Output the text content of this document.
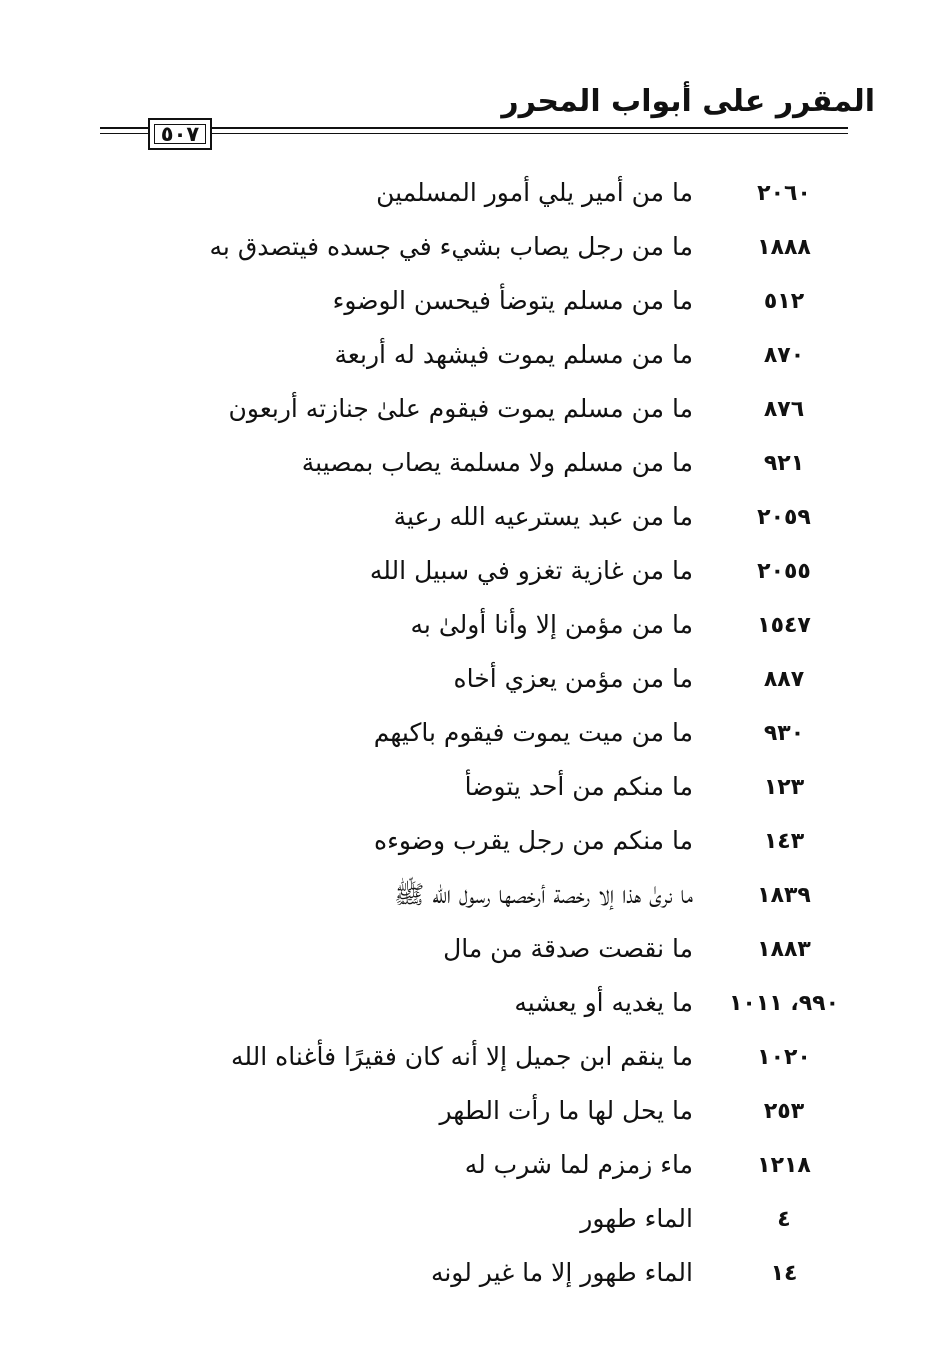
المقرر على أبواب المحرر
٥٠٧
٢٠٦٠
ما من أمير يلي أمور المسلمين
١٨٨٨
ما من رجل يصاب بشيء في جسده فيتصدق به
٥١٢
ما من مسلم يتوضأ فيحسن الوضوء
٨٧٠
ما من مسلم يموت فيشهد له أربعة
٨٧٦
ما من مسلم يموت فيقوم علىٰ جنازته أربعون
٩٢١
ما من مسلم ولا مسلمة يصاب بمصيبة
٢٠٥٩
ما من عبد يسترعيه الله رعية
٢٠٥٥
ما من غازية تغزو في سبيل الله
١٥٤٧
ما من مؤمن إلا وأنا أولىٰ به
٨٨٧
ما من مؤمن يعزي أخاه
٩٣٠
ما من ميت يموت فيقوم باكيهم
١٢٣
ما منكم من أحد يتوضأ
١٤٣
ما منكم من رجل يقرب وضوءه
١٨٣٩
ما نرىٰ هذا إلا رخصة أرخصها رسول الله ﷺ
١٨٨٣
ما نقصت صدقة من مال
٩٩٠، ١٠١١
ما يغديه أو يعشيه
١٠٢٠
ما ينقم ابن جميل إلا أنه كان فقيرًا فأغناه الله
٢٥٣
ما يحل لها ما رأت الطهر
١٢١٨
ماء زمزم لما شرب له
٤
الماء طهور
١٤
الماء طهور إلا ما غير لونه
